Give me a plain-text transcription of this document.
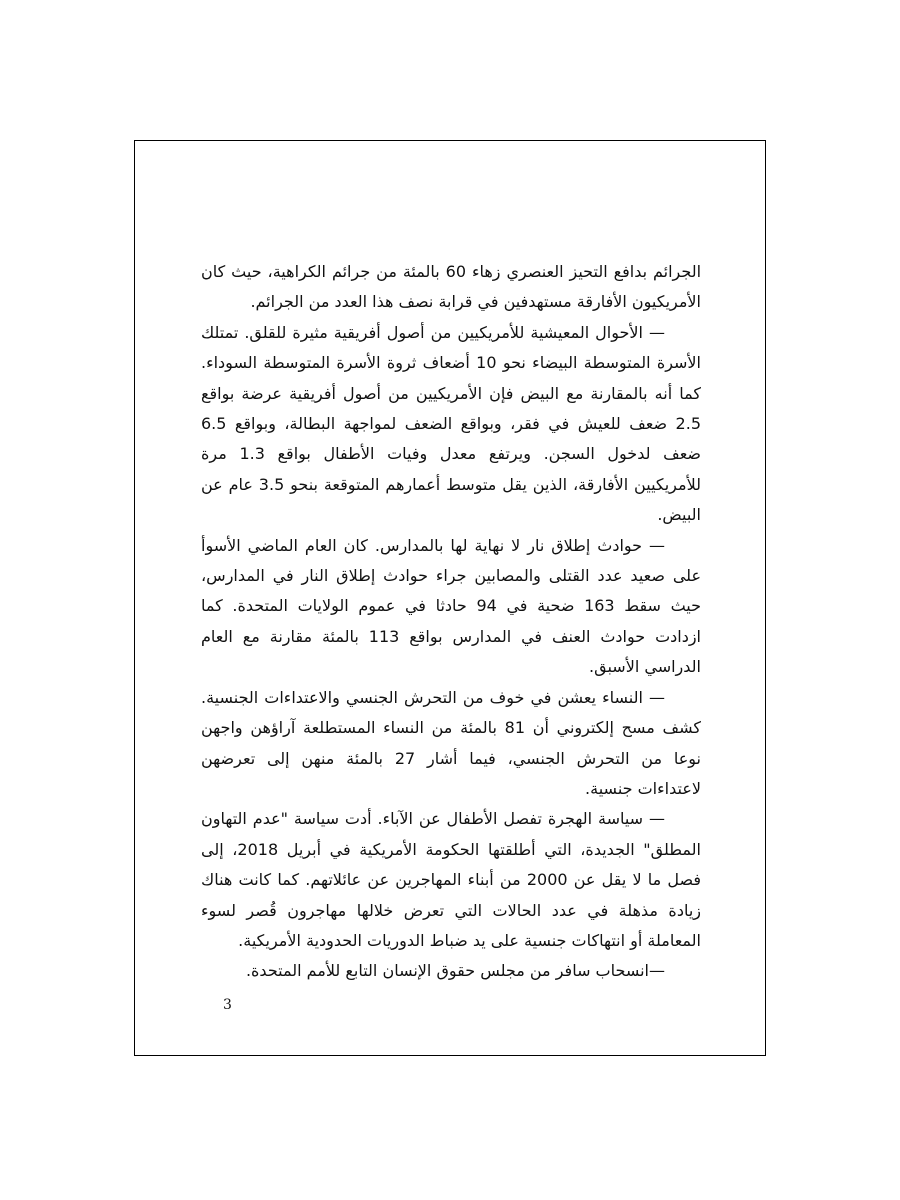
الجرائم بدافع التحيز العنصري زهاء 60 بالمئة من جرائم الكراهية، حيث كان الأمريكيون الأفارقة مستهدفين في قرابة نصف هذا العدد من الجرائم.

— الأحوال المعيشية للأمريكيين من أصول أفريقية مثيرة للقلق. تمتلك الأسرة المتوسطة البيضاء نحو 10 أضعاف ثروة الأسرة المتوسطة السوداء. كما أنه بالمقارنة مع البيض فإن الأمريكيين من أصول أفريقية عرضة بواقع 2.5 ضعف للعيش في فقر، وبواقع الضعف لمواجهة البطالة، وبواقع 6.5 ضعف لدخول السجن. ويرتفع معدل وفيات الأطفال بواقع 1.3 مرة للأمريكيين الأفارقة، الذين يقل متوسط أعمارهم المتوقعة بنحو 3.5 عام عن البيض.

— حوادث إطلاق نار لا نهاية لها بالمدارس. كان العام الماضي الأسوأ على صعيد عدد القتلى والمصابين جراء حوادث إطلاق النار في المدارس، حيث سقط 163 ضحية في 94 حادثا في عموم الولايات المتحدة. كما ازدادت حوادث العنف في المدارس بواقع 113 بالمئة مقارنة مع العام الدراسي الأسبق.

— النساء يعشن في خوف من التحرش الجنسي والاعتداءات الجنسية. كشف مسح إلكتروني أن 81 بالمئة من النساء المستطلعة آراؤهن واجهن نوعا من التحرش الجنسي، فيما أشار 27 بالمئة منهن إلى تعرضهن لاعتداءات جنسية.

— سياسة الهجرة تفصل الأطفال عن الآباء. أدت سياسة "عدم التهاون المطلق" الجديدة، التي أطلقتها الحكومة الأمريكية في أبريل 2018، إلى فصل ما لا يقل عن 2000 من أبناء المهاجرين عن عائلاتهم. كما كانت هناك زيادة مذهلة في عدد الحالات التي تعرض خلالها مهاجرون قُصر لسوء المعاملة أو انتهاكات جنسية على يد ضباط الدوريات الحدودية الأمريكية.

—انسحاب سافر من مجلس حقوق الإنسان التابع للأمم المتحدة.

3
